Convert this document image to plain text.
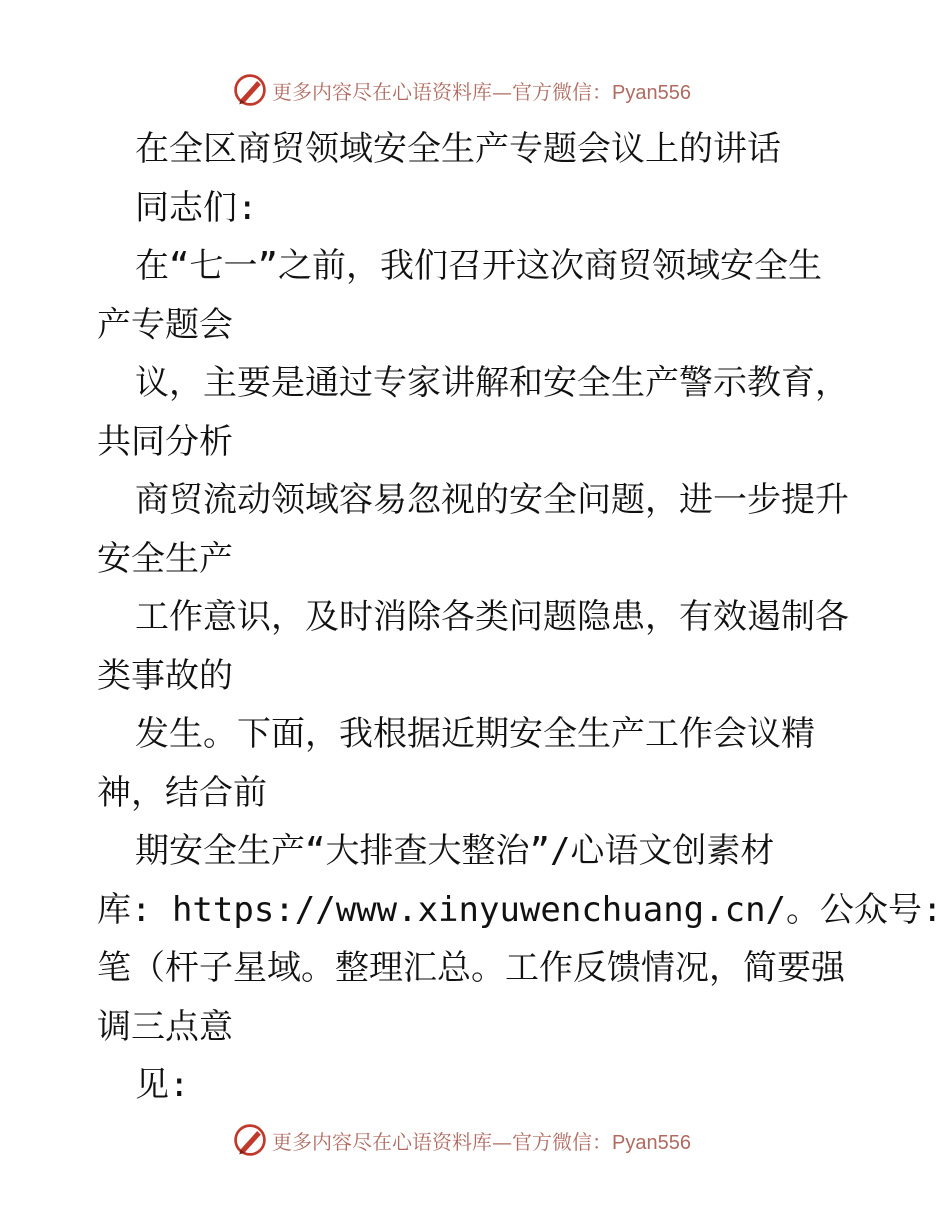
更多内容尽在心语资料库—官方微信：Pyan556
在全区商贸领域安全生产专题会议上的讲话
同志们:
在“七一”之前，我们召开这次商贸领域安全生
产专题会
议，主要是通过专家讲解和安全生产警示教育，
共同分析
商贸流动领域容易忽视的安全问题，进一步提升
安全生产
工作意识，及时消除各类问题隐患，有效遏制各
类事故的
发生。下面，我根据近期安全生产工作会议精
神，结合前
期安全生产“大排查大整治”/心语文创素材
库: https://www.xinyuwenchuang.cn/。公众号:
笔（杆子星域。整理汇总。工作反馈情况，简要强
调三点意
见:
更多内容尽在心语资料库—官方微信：Pyan556
